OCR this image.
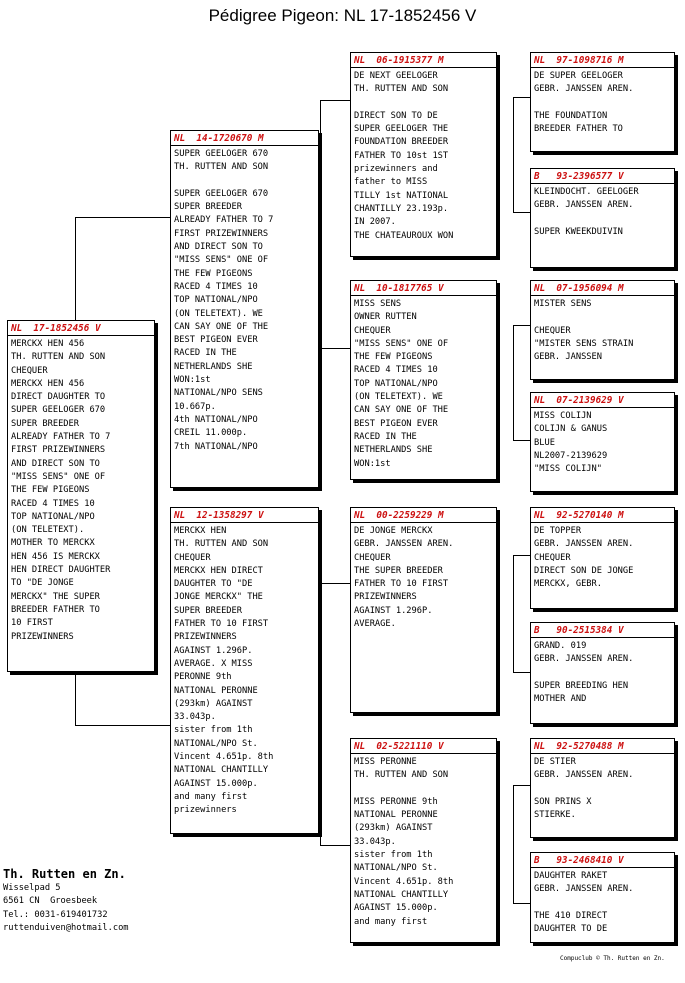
Pédigree Pigeon: NL 17-1852456 V
NL  17-1852456 V
MERCKX HEN 456
TH. RUTTEN AND SON
CHEQUER
MERCKX HEN 456
DIRECT DAUGHTER TO
SUPER GEELOGER 670
SUPER BREEDER
ALREADY FATHER TO 7
FIRST PRIZEWINNERS
AND DIRECT SON TO
"MISS SENS" ONE OF
THE FEW PIGEONS
RACED 4 TIMES 10
TOP NATIONAL/NPO
(ON TELETEXT).
MOTHER TO MERCKX
HEN 456 IS MERCKX
HEN DIRECT DAUGHTER
TO "DE JONGE
MERCKX" THE SUPER
BREEDER FATHER TO
10 FIRST
PRIZEWINNERS
NL  14-1720670 M
SUPER GEELOGER 670
TH. RUTTEN AND SON

SUPER GEELOGER 670
SUPER BREEDER
ALREADY FATHER TO 7
FIRST PRIZEWINNERS
AND DIRECT SON TO
"MISS SENS" ONE OF
THE FEW PIGEONS
RACED 4 TIMES 10
TOP NATIONAL/NPO
(ON TELETEXT). WE
CAN SAY ONE OF THE
BEST PIGEON EVER
RACED IN THE
NETHERLANDS SHE
WON:1st
NATIONAL/NPO SENS
10.667p.
4th NATIONAL/NPO
CREIL 11.000p.
7th NATIONAL/NPO
NL  12-1358297 V
MERCKX HEN
TH. RUTTEN AND SON
CHEQUER
MERCKX HEN DIRECT
DAUGHTER TO "DE
JONGE MERCKX" THE
SUPER BREEDER
FATHER TO 10 FIRST
PRIZEWINNERS
AGAINST 1.296P.
AVERAGE. X MISS
PERONNE 9th
NATIONAL PERONNE
(293km) AGAINST
33.043p.
sister from 1th
NATIONAL/NPO St.
Vincent 4.651p. 8th
NATIONAL CHANTILLY
AGAINST 15.000p.
and many first
prizewinners
NL  06-1915377 M
DE NEXT GEELOGER
TH. RUTTEN AND SON

DIRECT SON TO DE
SUPER GEELOGER THE
FOUNDATION BREEDER
FATHER TO 10st 1ST
prizewinners and
father to MISS
TILLY 1st NATIONAL
CHANTILLY 23.193p.
IN 2007.
THE CHATEAUROUX WON
NL  10-1817765 V
MISS SENS
OWNER RUTTEN
CHEQUER
"MISS SENS" ONE OF
THE FEW PIGEONS
RACED 4 TIMES 10
TOP NATIONAL/NPO
(ON TELETEXT). WE
CAN SAY ONE OF THE
BEST PIGEON EVER
RACED IN THE
NETHERLANDS SHE
WON:1st
NL  00-2259229 M
DE JONGE MERCKX
GEBR. JANSSEN AREN.
CHEQUER
THE SUPER BREEDER
FATHER TO 10 FIRST
PRIZEWINNERS
AGAINST 1.296P.
AVERAGE.
NL  02-5221110 V
MISS PERONNE
TH. RUTTEN AND SON

MISS PERONNE 9th
NATIONAL PERONNE
(293km) AGAINST
33.043p.
sister from 1th
NATIONAL/NPO St.
Vincent 4.651p. 8th
NATIONAL CHANTILLY
AGAINST 15.000p.
and many first
NL  97-1098716 M
DE SUPER GEELOGER
GEBR. JANSSEN AREN.

THE FOUNDATION
BREEDER FATHER TO
B   93-2396577 V
KLEINDOCHT. GEELOGER
GEBR. JANSSEN AREN.

SUPER KWEEKDUIVIN
NL  07-1956094 M
MISTER SENS

CHEQUER
"MISTER SENS STRAIN
GEBR. JANSSEN
NL  07-2139629 V
MISS COLIJN
COLIJN & GANUS
BLUE
NL2007-2139629
"MISS COLIJN"
NL  92-5270140 M
DE TOPPER
GEBR. JANSSEN AREN.
CHEQUER
DIRECT SON DE JONGE
MERCKX, GEBR.
B   90-2515384 V
GRAND. 019
GEBR. JANSSEN AREN.

SUPER BREEDING HEN
MOTHER AND
NL  92-5270488 M
DE STIER
GEBR. JANSSEN AREN.

SON PRINS X
STIERKE.
B   93-2468410 V
DAUGHTER RAKET
GEBR. JANSSEN AREN.

THE 410 DIRECT
DAUGHTER TO DE
Th. Rutten en Zn.
Wisselpad 5
6561 CN  Groesbeek
Tel.: 0031-619401732
ruttenduiven@hotmail.com
Compuclub © Th. Rutten en Zn.
